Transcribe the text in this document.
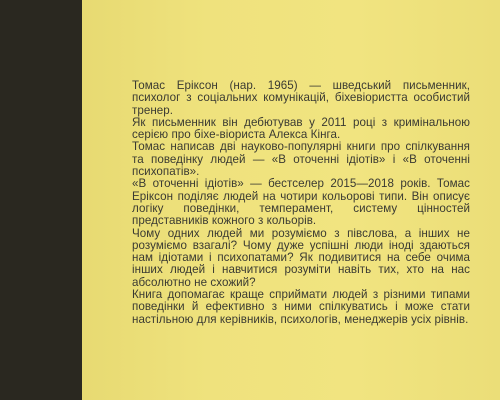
Томас Еріксон (нар. 1965) — шведський письменник, психолог з соціальних комунікацій, біхевіористта особистий тренер.

Як письменник він дебютував у 2011 році з кримінальною серією про біхе-віориста Алекса Кінга.

Томас написав дві науково-популярні книги про спілкування та поведінку людей — «В оточенні ідіотів» і «В оточенні психопатів».

«В оточенні ідіотів» — бестселер 2015—2018 років. Томас Еріксон поділяє людей на чотири кольорові типи. Він описує логіку поведінки, темперамент, систему цінностей представників кожного з кольорів.

Чому одних людей ми розуміємо з півслова, а інших не розуміємо взагалі? Чому дуже успішні люди іноді здаються нам ідіотами і психопатами? Як подивитися на себе очима інших людей і навчитися розуміти навіть тих, хто на нас абсолютно не схожий?

Книга допомагає краще сприймати людей з різними типами поведінки й ефективно з ними спілкуватись і може стати настільною для керівників, психологів, менеджерів усіх рівнів.
